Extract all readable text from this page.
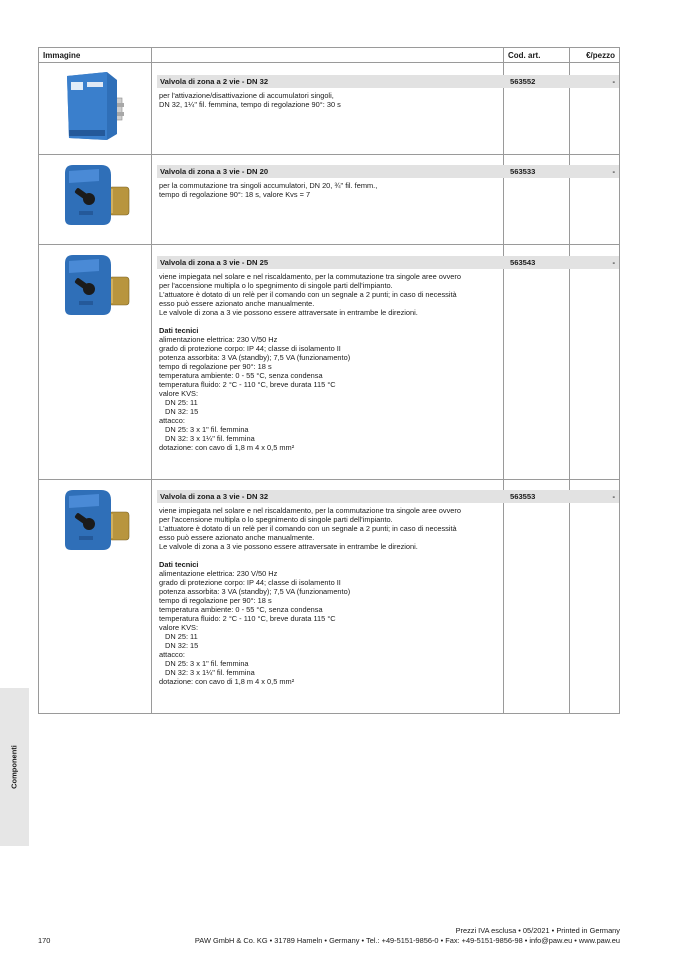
Immagine	Cod. art.	€/pezzo
Valvola di zona a 2 vie - DN 32	563552	-
per l'attivazione/disattivazione di accumulatori singoli,
DN 32, 1¼" fil. femmina, tempo di regolazione 90°: 30 s
Valvola di zona a 3 vie - DN 20	563533	-
per la commutazione tra singoli accumulatori, DN 20, ¾" fil. femm.,
tempo di regolazione 90°: 18 s, valore Kvs = 7
Valvola di zona a 3 vie - DN 25	563543	-
viene impiegata nel solare e nel riscaldamento, per la commutazione tra singole aree ovvero
per l'accensione multipla o lo spegnimento di singole parti dell'impianto.
L'attuatore è dotato di un relè per il comando con un segnale a 2 punti; in caso di necessità
esso può essere azionato anche manualmente.
Le valvole di zona a 3 vie possono essere attraversate in entrambe le direzioni.
Dati tecnici
alimentazione elettrica: 230 V/50 Hz
grado di protezione corpo: IP 44; classe di isolamento II
potenza assorbita: 3 VA (standby); 7,5 VA (funzionamento)
tempo di regolazione per 90°: 18 s
temperatura ambiente: 0 - 55 °C, senza condensa
temperatura fluido: 2 °C - 110 °C, breve durata 115 °C
valore KVS:
DN 25: 11
DN 32: 15
attacco:
DN 25: 3 x 1" fil. femmina
DN 32: 3 x 1¼" fil. femmina
dotazione: con cavo di 1,8 m 4 x 0,5 mm²
Valvola di zona a 3 vie - DN 32	563553	-
viene impiegata nel solare e nel riscaldamento, per la commutazione tra singole aree ovvero
per l'accensione multipla o lo spegnimento di singole parti dell'impianto.
L'attuatore è dotato di un relè per il comando con un segnale a 2 punti; in caso di necessità
esso può essere azionato anche manualmente.
Le valvole di zona a 3 vie possono essere attraversate in entrambe le direzioni.
Dati tecnici
alimentazione elettrica: 230 V/50 Hz
grado di protezione corpo: IP 44; classe di isolamento II
potenza assorbita: 3 VA (standby); 7,5 VA (funzionamento)
tempo di regolazione per 90°: 18 s
temperatura ambiente: 0 - 55 °C, senza condensa
temperatura fluido: 2 °C - 110 °C, breve durata 115 °C
valore KVS:
DN 25: 11
DN 32: 15
attacco:
DN 25: 3 x 1" fil. femmina
DN 32: 3 x 1¼" fil. femmina
dotazione: con cavo di 1,8 m 4 x 0,5 mm²
Componenti
Prezzi IVA esclusa • 05/2021 • Printed in Germany
PAW GmbH & Co. KG • 31789 Hameln • Germany • Tel.: +49-5151-9856-0 • Fax: +49-5151-9856-98 • info@paw.eu • www.paw.eu
170
